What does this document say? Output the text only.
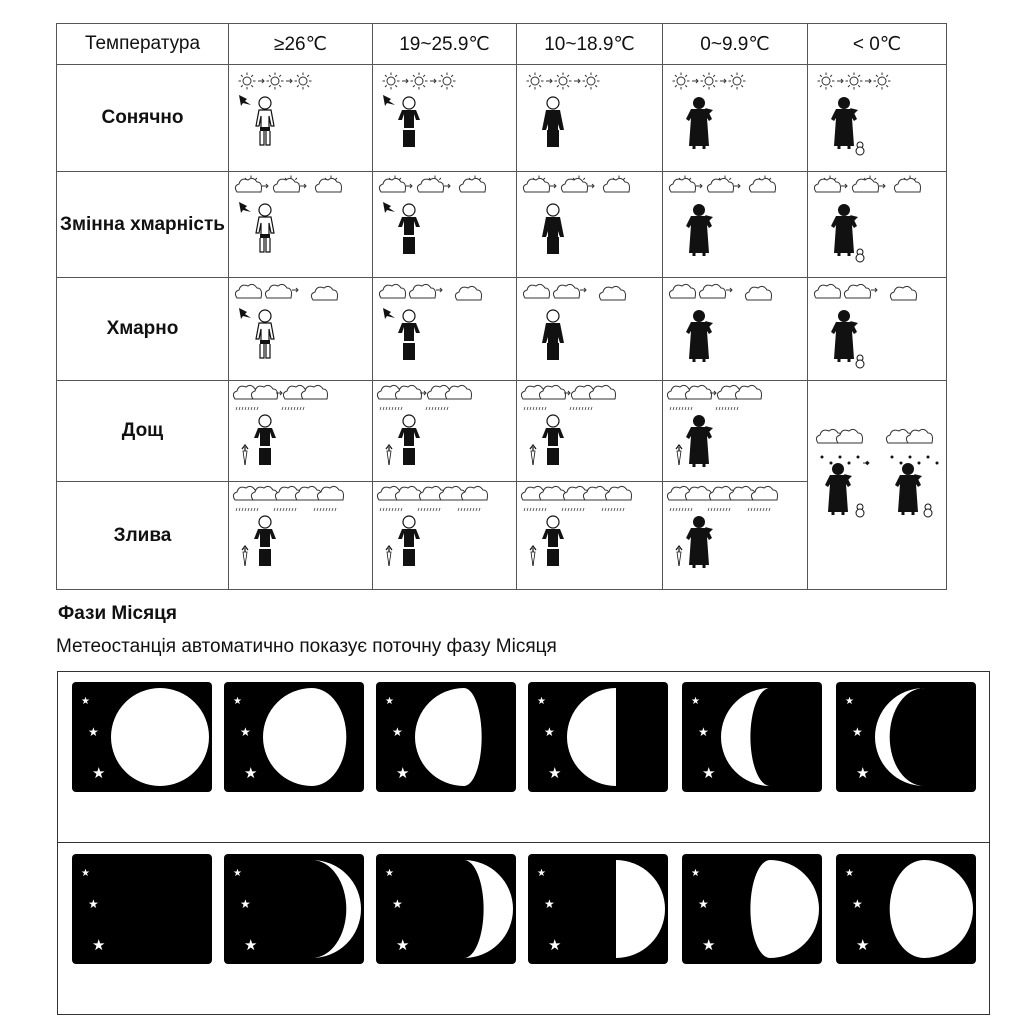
Температура	≥26℃	19~25.9℃	10~18.9℃	0~9.9℃	< 0℃
Сонячно	

Змінна хмарність	

Хмарно	

Дощ	

Злива	

Фази Місяця
Метеостанція автоматично показує поточну фазу Місяця
★
★
★
★
★
★
★
★
★
★
★
★
★
★
★
★
★
★
★
★
★
★
★
★
★
★
★
★
★
★
★
★
★
★
★
★
